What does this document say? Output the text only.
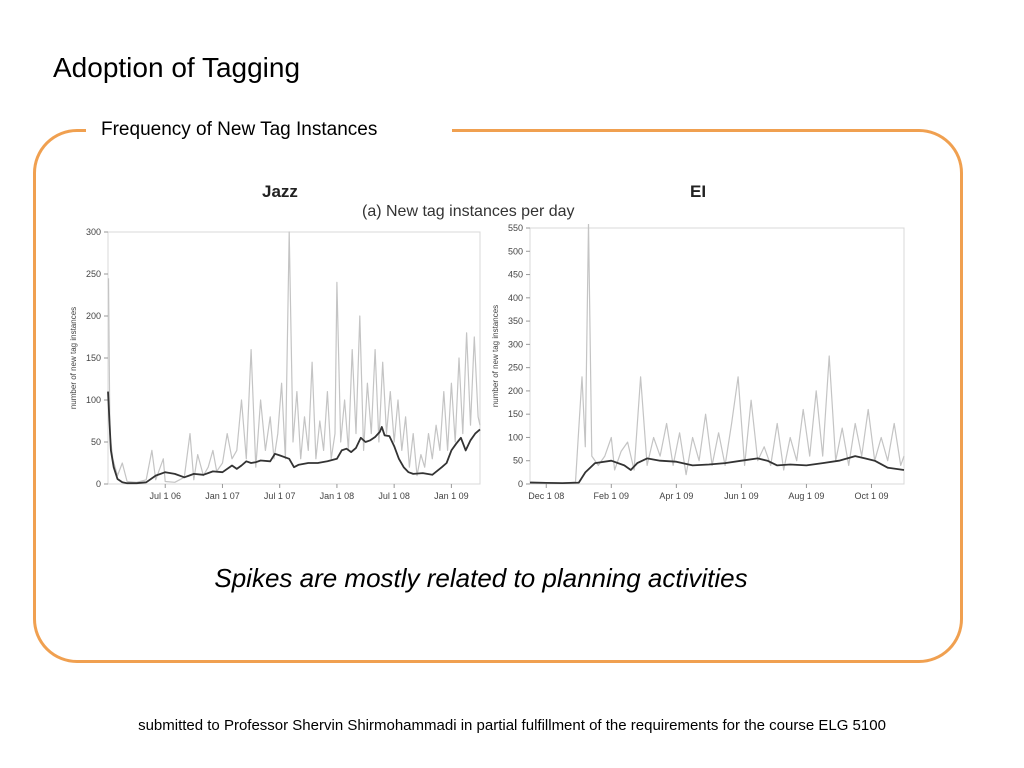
Adoption of Tagging
Frequency of New Tag Instances
Jazz	EI
(a) New tag instances per day
0
50
100
150
200
250
300
Jul 1 06	Jan 1 07	Jul 1 07	Jan 1 08	Jul 1 08	Jan 1 09
number of new tag instances
0
50
100
150
200
250
300
350
400
450
500
550
Dec 1 08	Feb 1 09	Apr 1 09	Jun 1 09	Aug 1 09	Oct 1 09
number of new tag instances
Spikes are mostly related to planning activities
submitted to Professor Shervin Shirmohammadi in partial fulfillment of the requirements for the course ELG 5100
